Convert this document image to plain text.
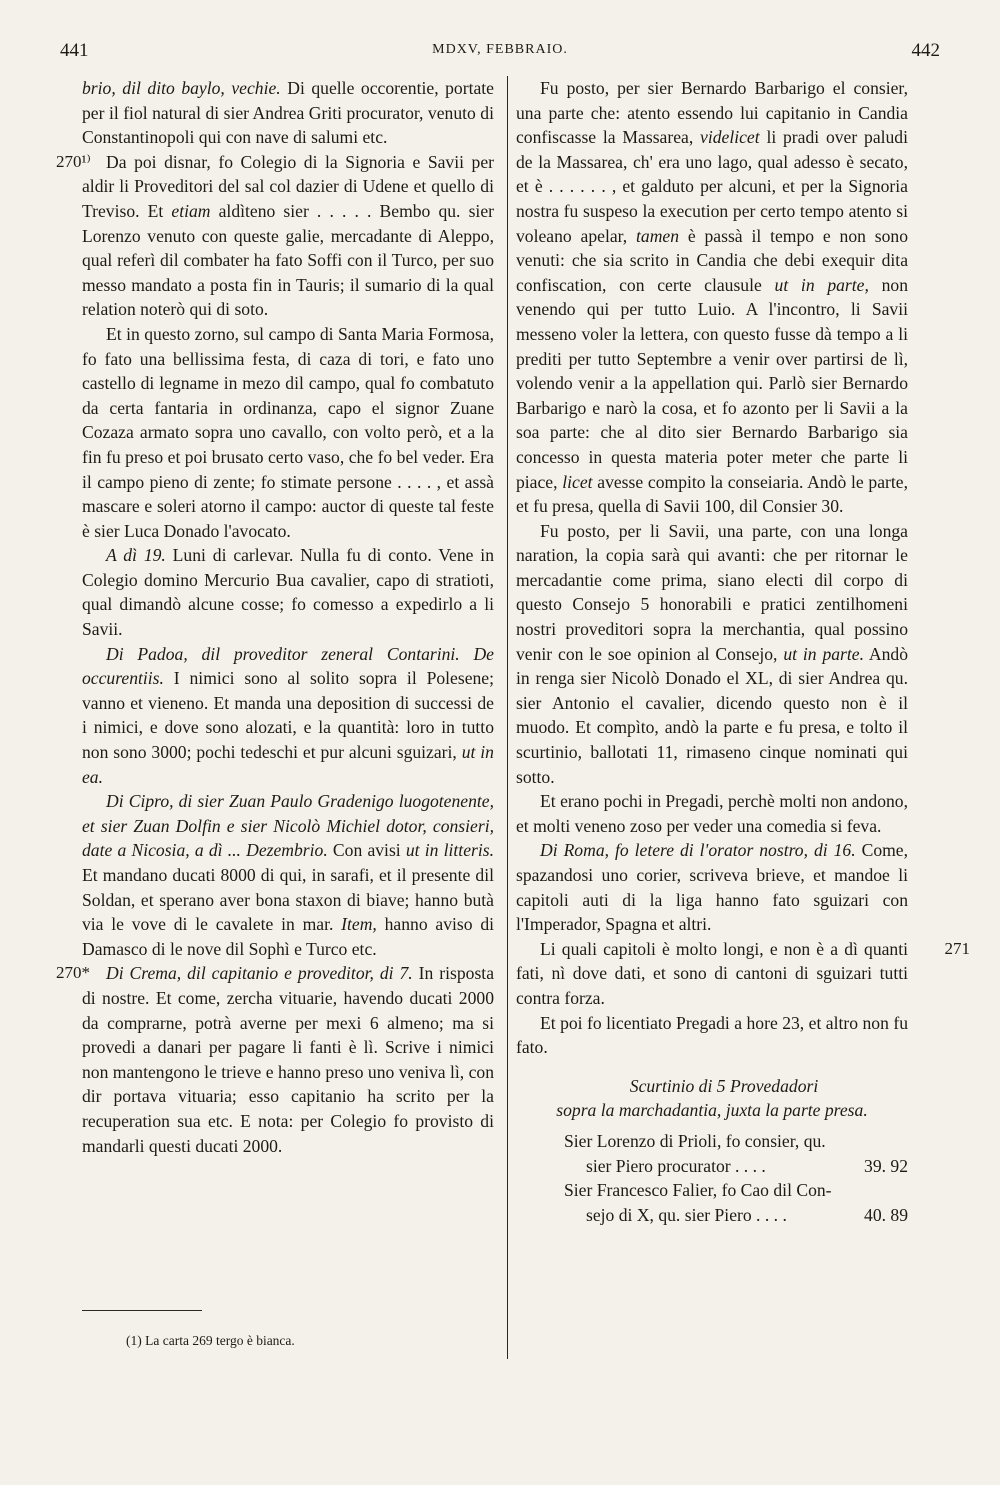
441	MDXV, FEBBRAIO.	442

brio, dil dito baylo, vechie. Di quelle occorentie, portate per il fiol natural di sier Andrea Griti procurator, venuto di Constantinopoli qui con nave di salumi etc.

270¹⁾ Da poi disnar, fo Colegio di la Signoria e Savii per aldir li Proveditori del sal col dazier di Udene et quello di Treviso. Et etiam aldìteno sier . . . . . Bembo qu. sier Lorenzo venuto con queste galie, mercadante di Aleppo, qual referì dil combater ha fato Soffi con il Turco, per suo messo mandato a posta fin in Tauris; il sumario di la qual relation noterò qui di soto.

Et in questo zorno, sul campo di Santa Maria Formosa, fo fato una bellissima festa, di caza di tori, e fato uno castello di legname in mezo dil campo, qual fo combatuto da certa fantaria in ordinanza, capo el signor Zuane Cozaza armato sopra uno cavallo, con volto però, et a la fin fu preso et poi brusato certo vaso, che fo bel veder. Era il campo pieno di zente; fo stimate persone . . . . , et assà mascare e soleri atorno il campo: auctor di queste tal feste è sier Luca Donado l'avocato.

A dì 19. Luni di carlevar. Nulla fu di conto. Vene in Colegio domino Mercurio Bua cavalier, capo di stratioti, qual dimandò alcune cosse; fo comesso a expedirlo a li Savii.

Di Padoa, dil proveditor zeneral Contarini. De occurentiis. I nimici sono al solito sopra il Polesene; vanno et vieneno. Et manda una deposition di successi de i nimici, e dove sono alozati, e la quantità: loro in tutto non sono 3000; pochi tedeschi et pur alcuni sguizari, ut in ea.

Di Cipro, di sier Zuan Paulo Gradenigo luogotenente, et sier Zuan Dolfin e sier Nicolò Michiel dotor, consieri, date a Nicosia, a dì ... Dezembrio. Con avisi ut in litteris. Et mandano ducati 8000 di qui, in sarafi, et il presente dil Soldan, et sperano aver bona staxon di biave; hanno butà via le vove di le cavalete in mar. Item, hanno aviso di Damasco di le nove dil Sophì e Turco etc.

270* Di Crema, dil capitanio e proveditor, di 7. In risposta di nostre. Et come, zercha vituarie, havendo ducati 2000 da comprarne, potrà averne per mexi 6 almeno; ma si provedi a danari per pagare li fanti è lì. Scrive i nimici non mantengono le trieve e hanno preso uno veniva lì, con dir portava vituaria; esso capitanio ha scrito per la recuperation sua etc. E nota: per Colegio fo provisto di mandarli questi ducati 2000.

Fu posto, per sier Bernardo Barbarigo el consier, una parte che: atento essendo lui capitanio in Candia confiscasse la Massarea, videlicet li pradi over paludi de la Massarea, ch' era uno lago, qual adesso è secato, et è . . . . . . , et galduto per alcuni, et per la Signoria nostra fu suspeso la execution per certo tempo atento si voleano apelar, tamen è passà il tempo e non sono venuti: che sia scrito in Candia che debi exequir dita confiscation, con certe clausule ut in parte, non venendo qui per tutto Luio. A l'incontro, li Savii messeno voler la lettera, con questo fusse dà tempo a li prediti per tutto Septembre a venir over partirsi de lì, volendo venir a la appellation qui. Parlò sier Bernardo Barbarigo e narò la cosa, et fo azonto per li Savii a la soa parte: che al dito sier Bernardo Barbarigo sia concesso in questa materia poter meter che parte li piace, licet avesse compito la conseiaria. Andò le parte, et fu presa, quella di Savii 100, dil Consier 30.

Fu posto, per li Savii, una parte, con una longa naration, la copia sarà qui avanti: che per ritornar le mercadantie come prima, siano electi dil corpo di questo Consejo 5 honorabili e pratici zentilhomeni nostri proveditori sopra la merchantia, qual possino venir con le soe opinion al Consejo, ut in parte. Andò in renga sier Nicolò Donado el XL, di sier Andrea qu. sier Antonio el cavalier, dicendo questo non è il muodo. Et compìto, andò la parte e fu presa, e tolto il scurtinio, ballotati 11, rimaseno cinque nominati qui sotto.

Et erano pochi in Pregadi, perchè molti non andono, et molti veneno zoso per veder una comedia si feva.

Di Roma, fo letere di l'orator nostro, di 16. Come, spazandosi uno corier, scriveva brieve, et mandoe li capitoli auti di la liga hanno fato sguizari con l'Imperador, Spagna et altri.

271
Li quali capitoli è molto longi, e non è a dì quanti fati, nì dove dati, et sono di cantoni di sguizari tutti contra forza.

Et poi fo licentiato Pregadi a hore 23, et altro non fu fato.

Scurtinio di 5 Provedadori
sopra la marchadantia, juxta la parte presa.

Sier Lorenzo di Prioli, fo consier, qu.

sier Piero procurator . . . .	39. 92

Sier Francesco Falier, fo Cao dil Con-

sejo di X, qu. sier Piero . . . .	40. 89

(1) La carta 269 tergo è bianca.
